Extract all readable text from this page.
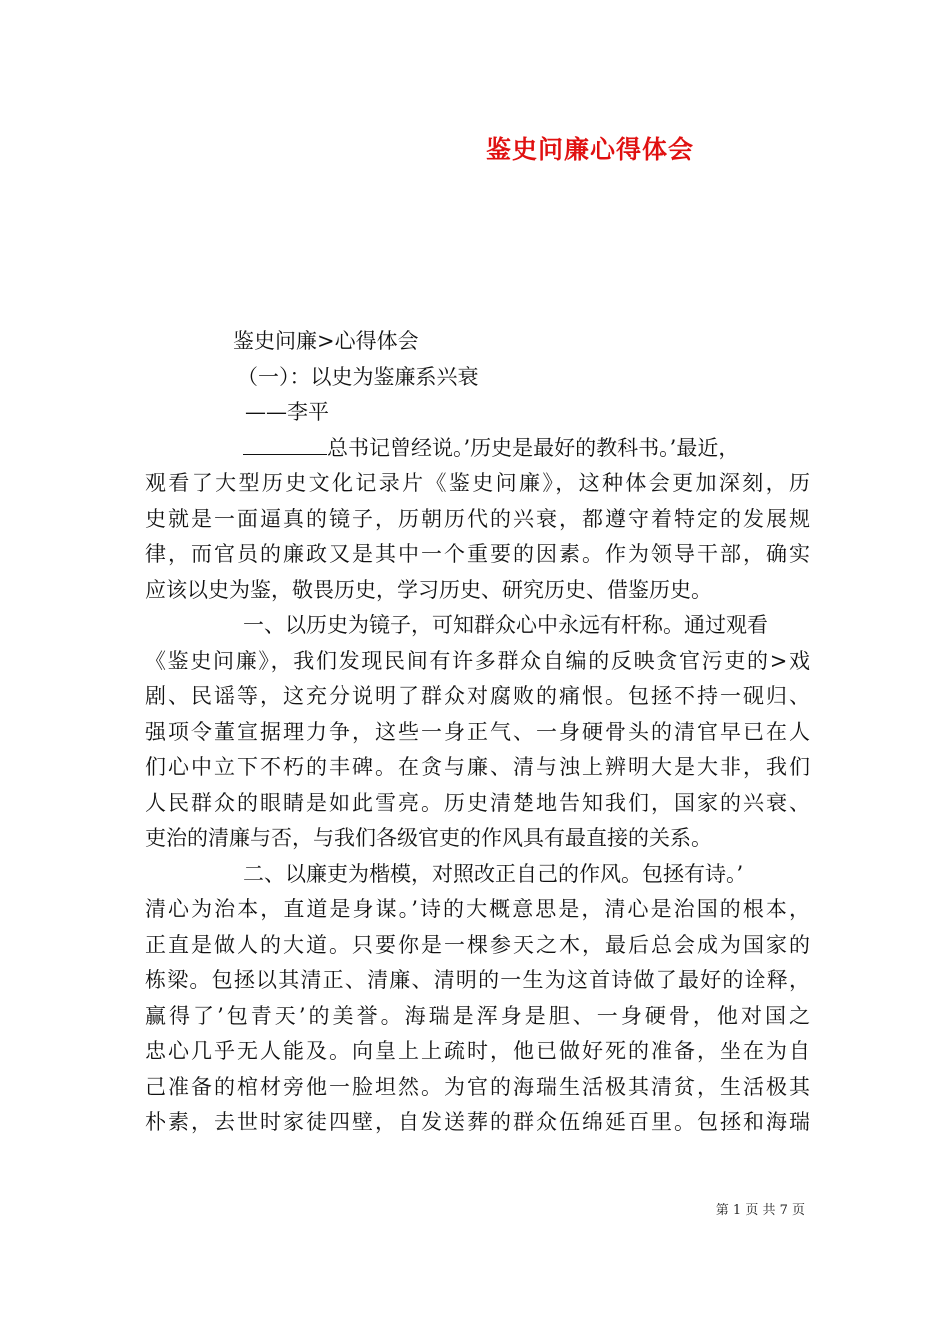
鉴史问廉心得体会

鉴史问廉>心得体会

（一）：以史为鉴廉系兴衰

——李平

总书记曾经说。’历史是最好的教科书。’最近，

观看了大型历史文化记录片《鉴史问廉》，这种体会更加深刻，历

史就是一面逼真的镜子，历朝历代的兴衰，都遵守着特定的发展规

律，而官员的廉政又是其中一个重要的因素。作为领导干部，确实

应该以史为鉴，敬畏历史，学习历史、研究历史、借鉴历史。

一、以历史为镜子，可知群众心中永远有杆称。通过观看

《鉴史问廉》，我们发现民间有许多群众自编的反映贪官污吏的>戏

剧、民谣等，这充分说明了群众对腐败的痛恨。包拯不持一砚归、

强项令董宣据理力争，这些一身正气、一身硬骨头的清官早已在人

们心中立下不朽的丰碑。在贪与廉、清与浊上辨明大是大非，我们

人民群众的眼睛是如此雪亮。历史清楚地告知我们，国家的兴衰、

吏治的清廉与否，与我们各级官吏的作风具有最直接的关系。

二、以廉吏为楷模，对照改正自己的作风。包拯有诗。’

清心为治本，直道是身谋。’诗的大概意思是，清心是治国的根本，

正直是做人的大道。只要你是一棵参天之木，最后总会成为国家的

栋梁。包拯以其清正、清廉、清明的一生为这首诗做了最好的诠释，

赢得了’包青天’的美誉。海瑞是浑身是胆、一身硬骨，他对国之

忠心几乎无人能及。向皇上上疏时，他已做好死的准备，坐在为自

己准备的棺材旁他一脸坦然。为官的海瑞生活极其清贫，生活极其

朴素，去世时家徒四壁，自发送葬的群众伍绵延百里。包拯和海瑞

第 1 页 共 7 页
